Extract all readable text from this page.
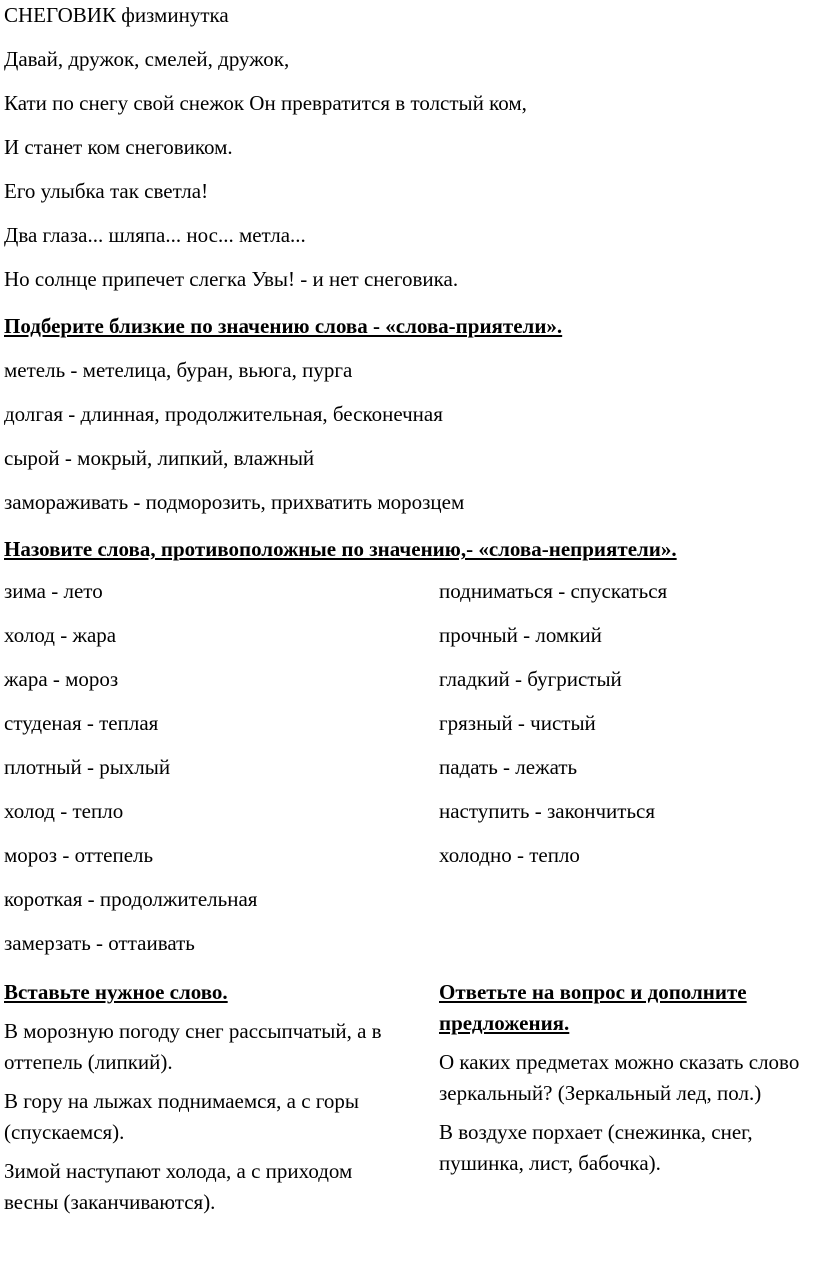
СНЕГОВИК физминутка
Давай, дружок, смелей, дружок,
Кати по снегу свой снежок Он превратится в толстый ком,
И станет ком снеговиком.
Его улыбка так светла!
Два глаза... шляпа... нос... метла...
Но солнце припечет слегка Увы! - и нет снеговика.
Подберите близкие по значению слова - «слова-приятели».
метель - метелица, буран, вьюга, пурга
долгая - длинная, продолжительная, бесконечная
сырой - мокрый, липкий, влажный
замораживать - подморозить, прихватить морозцем
Назовите слова, противоположные по значению,- «слова-неприятели».
зима - лето
холод - жара
жара - мороз
студеная - теплая
плотный - рыхлый
холод - тепло
мороз - оттепель
короткая - продолжительная
замерзать - оттаивать
подниматься - спускаться
прочный - ломкий
гладкий - бугристый
грязный - чистый
падать - лежать
наступить - закончиться
холодно - тепло
Вставьте нужное слово.
В морозную погоду снег рассыпчатый, а в оттепель (липкий).
В гору на лыжах поднимаемся, а с горы (спускаемся).
Зимой наступают холода, а с приходом весны (заканчиваются).
Ответьте на вопрос и дополните предложения.
О каких предметах можно сказать слово зеркальный? (Зеркальный лед, пол.)
В воздухе порхает (снежинка, снег, пушинка, лист, бабочка).
